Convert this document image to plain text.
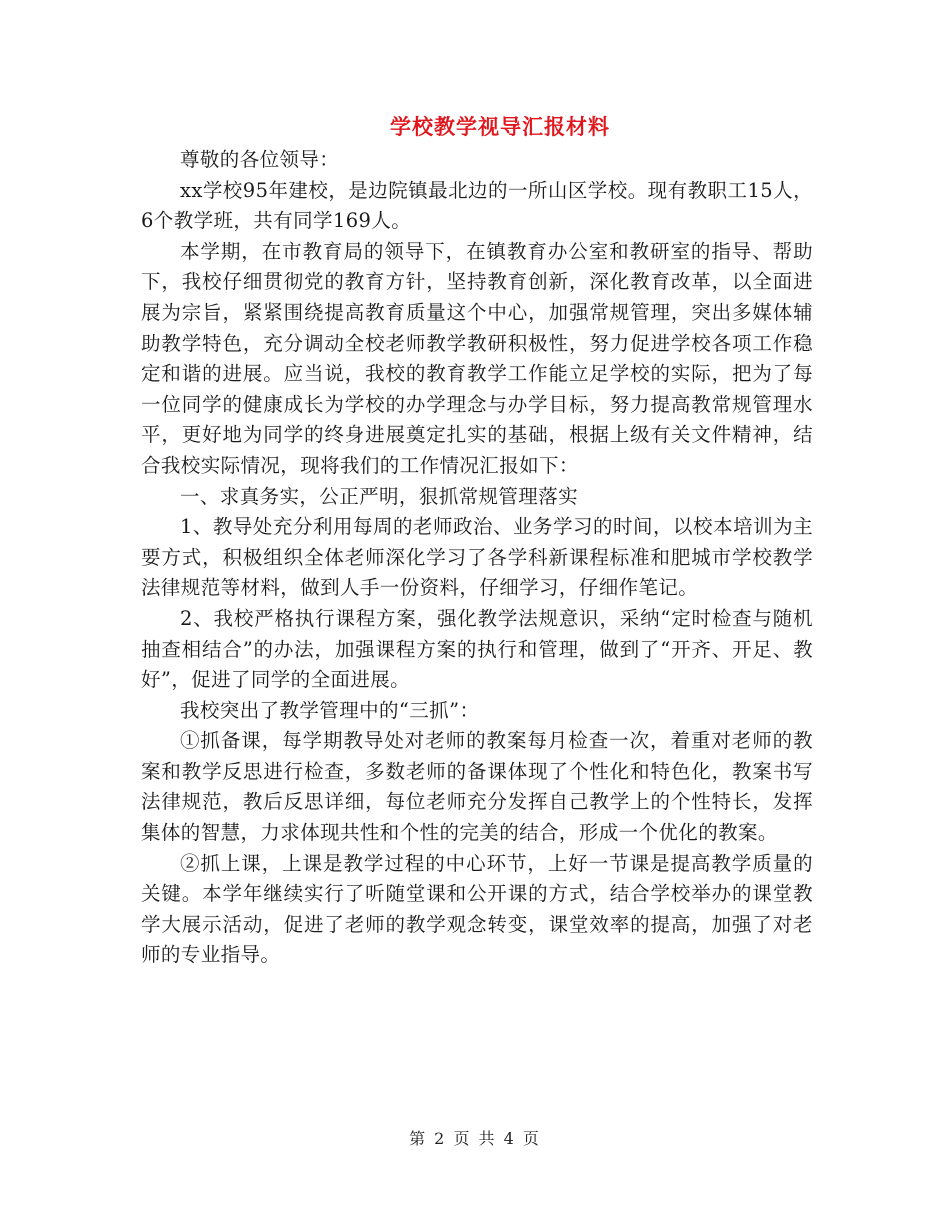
学校教学视导汇报材料

尊敬的各位领导：

xx学校95年建校，是边院镇最北边的一所山区学校。现有教职工15人，6个教学班，共有同学169人。

本学期，在市教育局的领导下，在镇教育办公室和教研室的指导、帮助下，我校仔细贯彻党的教育方针，坚持教育创新，深化教育改革，以全面进展为宗旨，紧紧围绕提高教育质量这个中心，加强常规管理，突出多媒体辅助教学特色，充分调动全校老师教学教研积极性，努力促进学校各项工作稳定和谐的进展。应当说，我校的教育教学工作能立足学校的实际，把为了每一位同学的健康成长为学校的办学理念与办学目标，努力提高教常规管理水平，更好地为同学的终身进展奠定扎实的基础，根据上级有关文件精神，结合我校实际情况，现将我们的工作情况汇报如下：

一、求真务实，公正严明，狠抓常规管理落实

1、教导处充分利用每周的老师政治、业务学习的时间，以校本培训为主要方式，积极组织全体老师深化学习了各学科新课程标准和肥城市学校教学法律规范等材料，做到人手一份资料，仔细学习，仔细作笔记。

2、我校严格执行课程方案，强化教学法规意识，采纳“定时检查与随机抽查相结合”的办法，加强课程方案的执行和管理，做到了“开齐、开足、教好”，促进了同学的全面进展。

我校突出了教学管理中的“三抓”：

①抓备课，每学期教导处对老师的教案每月检查一次，着重对老师的教案和教学反思进行检查，多数老师的备课体现了个性化和特色化，教案书写法律规范，教后反思详细，每位老师充分发挥自己教学上的个性特长，发挥集体的智慧，力求体现共性和个性的完美的结合，形成一个优化的教案。

②抓上课，上课是教学过程的中心环节，上好一节课是提高教学质量的关键。本学年继续实行了听随堂课和公开课的方式，结合学校举办的课堂教学大展示活动，促进了老师的教学观念转变，课堂效率的提高，加强了对老师的专业指导。

第 2 页 共 4 页
